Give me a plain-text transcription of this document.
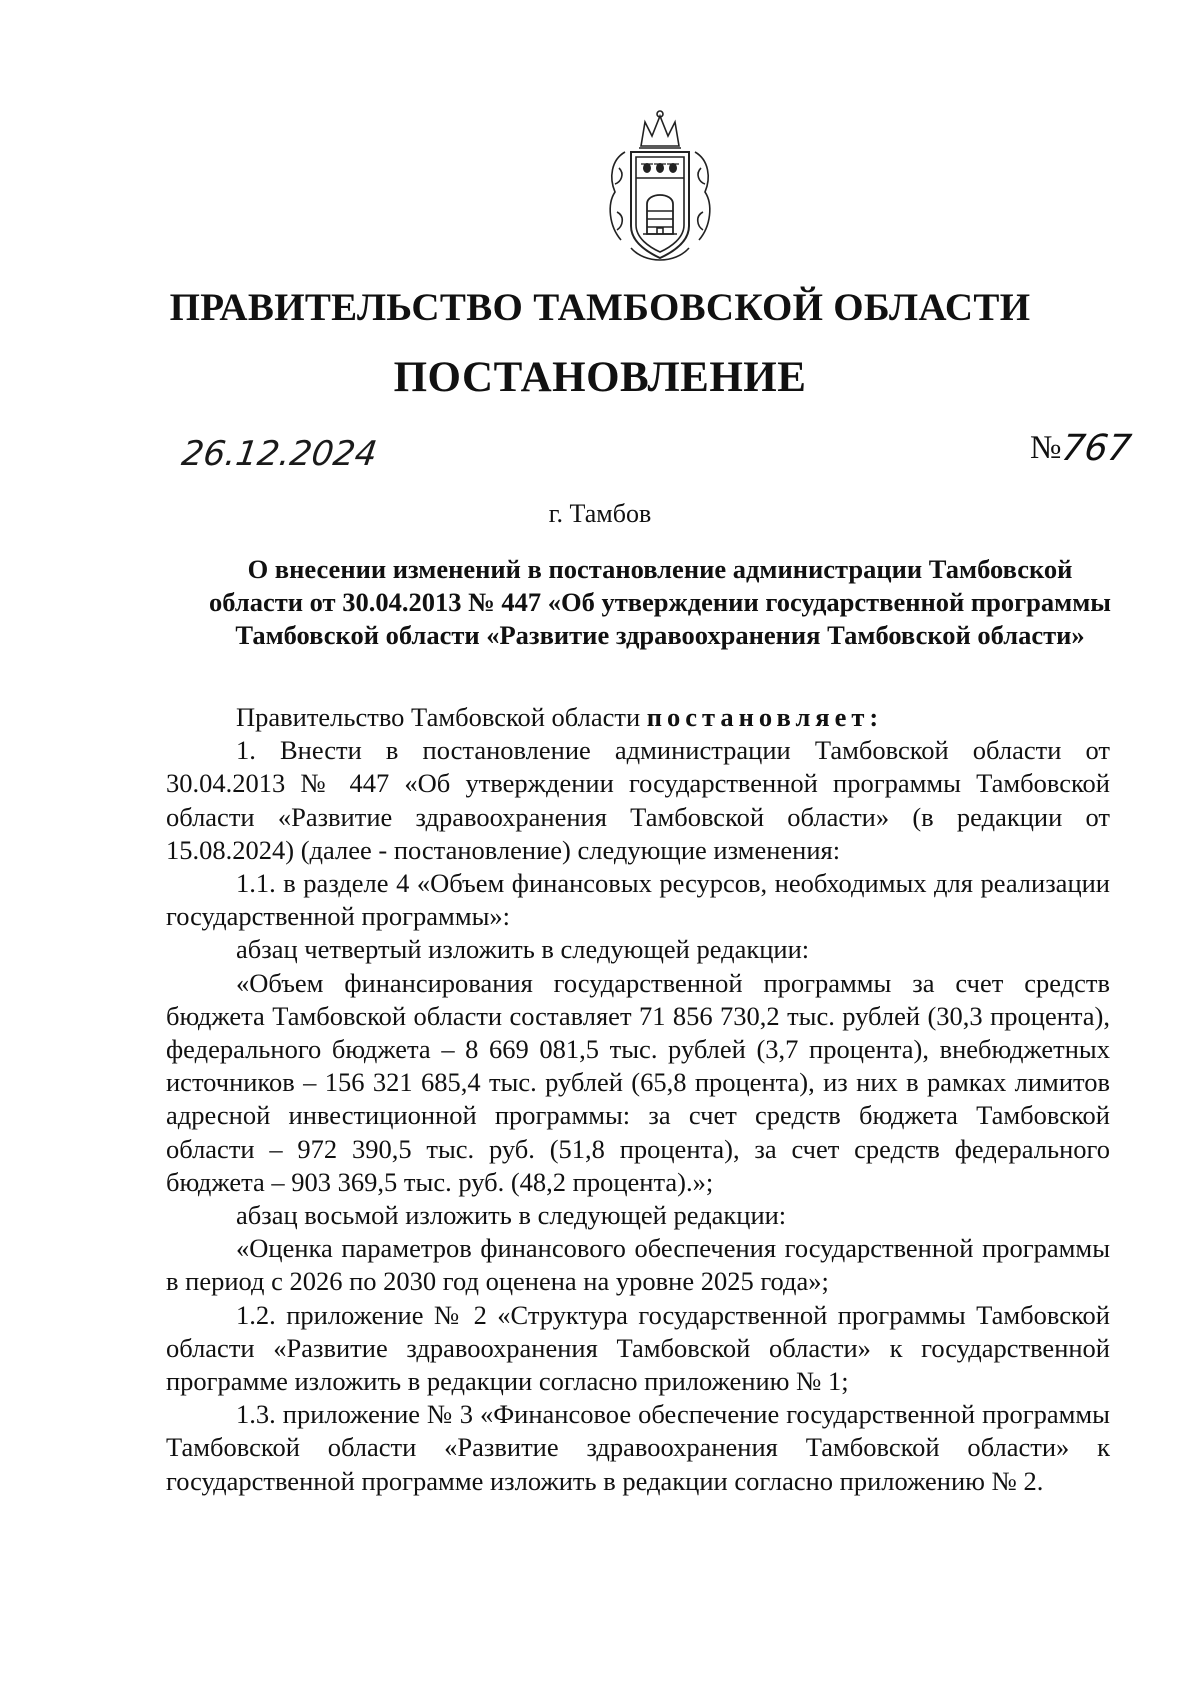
ПРАВИТЕЛЬСТВО ТАМБОВСКОЙ ОБЛАСТИ
ПОСТАНОВЛЕНИЕ
26.12.2024	№767
г. Тамбов
О внесении изменений в постановление администрации Тамбовской области от 30.04.2013 № 447 «Об утверждении государственной программы Тамбовской области «Развитие здравоохранения Тамбовской области»

Правительство Тамбовской области постановляет:

1. Внести в постановление администрации Тамбовской области от 30.04.2013 № 447 «Об утверждении государственной программы Тамбовской области «Развитие здравоохранения Тамбовской области» (в редакции от 15.08.2024) (далее - постановление) следующие изменения:

1.1. в разделе 4 «Объем финансовых ресурсов, необходимых для реализации государственной программы»:

абзац четвертый изложить в следующей редакции:

«Объем финансирования государственной программы за счет средств бюджета Тамбовской области составляет 71 856 730,2 тыс. рублей (30,3 процента), федерального бюджета – 8 669 081,5 тыс. рублей (3,7 процента), внебюджетных источников – 156 321 685,4 тыс. рублей (65,8 процента), из них в рамках лимитов адресной инвестиционной программы: за счет средств бюджета Тамбовской области – 972 390,5 тыс. руб. (51,8 процента), за счет средств федерального бюджета – 903 369,5 тыс. руб. (48,2 процента).»;

абзац восьмой изложить в следующей редакции:

«Оценка параметров финансового обеспечения государственной программы в период с 2026 по 2030 год оценена на уровне 2025 года»;

1.2. приложение № 2 «Структура государственной программы Тамбовской области «Развитие здравоохранения Тамбовской области» к государственной программе изложить в редакции согласно приложению № 1;

1.3. приложение № 3 «Финансовое обеспечение государственной программы Тамбовской области «Развитие здравоохранения Тамбовской области» к государственной программе изложить в редакции согласно приложению № 2.
